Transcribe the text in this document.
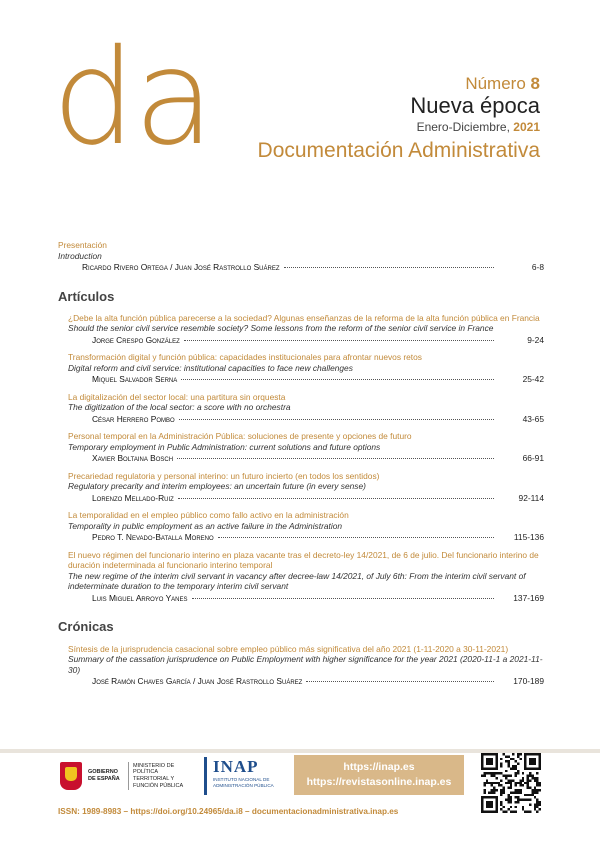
da	Número 8
Nueva época
Enero-Diciembre, 2021
Documentación Administrativa
Presentación
Introduction
Ricardo Rivero Ortega / Juan José Rastrollo Suárez	6-8
Artículos
¿Debe la alta función pública parecerse a la sociedad? Algunas enseñanzas de la reforma de la alta función pública en Francia
Should the senior civil service resemble society? Some lessons from the reform of the senior civil service in France
Jorge Crespo González	9-24
Transformación digital y función pública: capacidades institucionales para afrontar nuevos retos
Digital reform and civil service: institutional capacities to face new challenges
Miquel Salvador Serna	25-42
La digitalización del sector local: una partitura sin orquesta
The digitization of the local sector: a score with no orchestra
César Herrero Pombo	43-65
Personal temporal en la Administración Pública: soluciones de presente y opciones de futuro
Temporary employment in Public Administration: current solutions and future options
Xavier Boltaina Bosch	66-91
Precariedad regulatoria y personal interino: un futuro incierto (en todos los sentidos)
Regulatory precarity and interim employees: an uncertain future (in every sense)
Lorenzo Mellado-Ruiz	92-114
La temporalidad en el empleo público como fallo activo en la administración
Temporality in public employment as an active failure in the Administration
Pedro T. Nevado-Batalla Moreno	115-136
El nuevo régimen del funcionario interino en plaza vacante tras el decreto-ley 14/2021, de 6 de julio. Del funcionario interino de duración indeterminada al funcionario interino temporal
The new regime of the interim civil servant in vacancy after decree-law 14/2021, of July 6th: From the interim civil servant of indeterminate duration to the temporary interim civil servant
Luis Miguel Arroyo Yanes	137-169
Crónicas
Síntesis de la jurisprudencia casacional sobre empleo público más significativa del año 2021 (1-11-2020 a 30-11-2021)
Summary of the cassation jurisprudence on Public Employment with higher significance for the year 2021 (2020-11-1 a 2021-11-30)
José Ramón Chaves García / Juan José Rastrollo Suárez	170-189
GOBIERNO DE ESPAÑA
MINISTERIO DE POLÍTICA TERRITORIAL Y FUNCIÓN PÚBLICA
INAP
INSTITUTO NACIONAL DE ADMINISTRACIÓN PÚBLICA
https://inap.es
https://revistasonline.inap.es
ISSN: 1989-8983 – https://doi.org/10.24965/da.i8 – documentacionadministrativa.inap.es
